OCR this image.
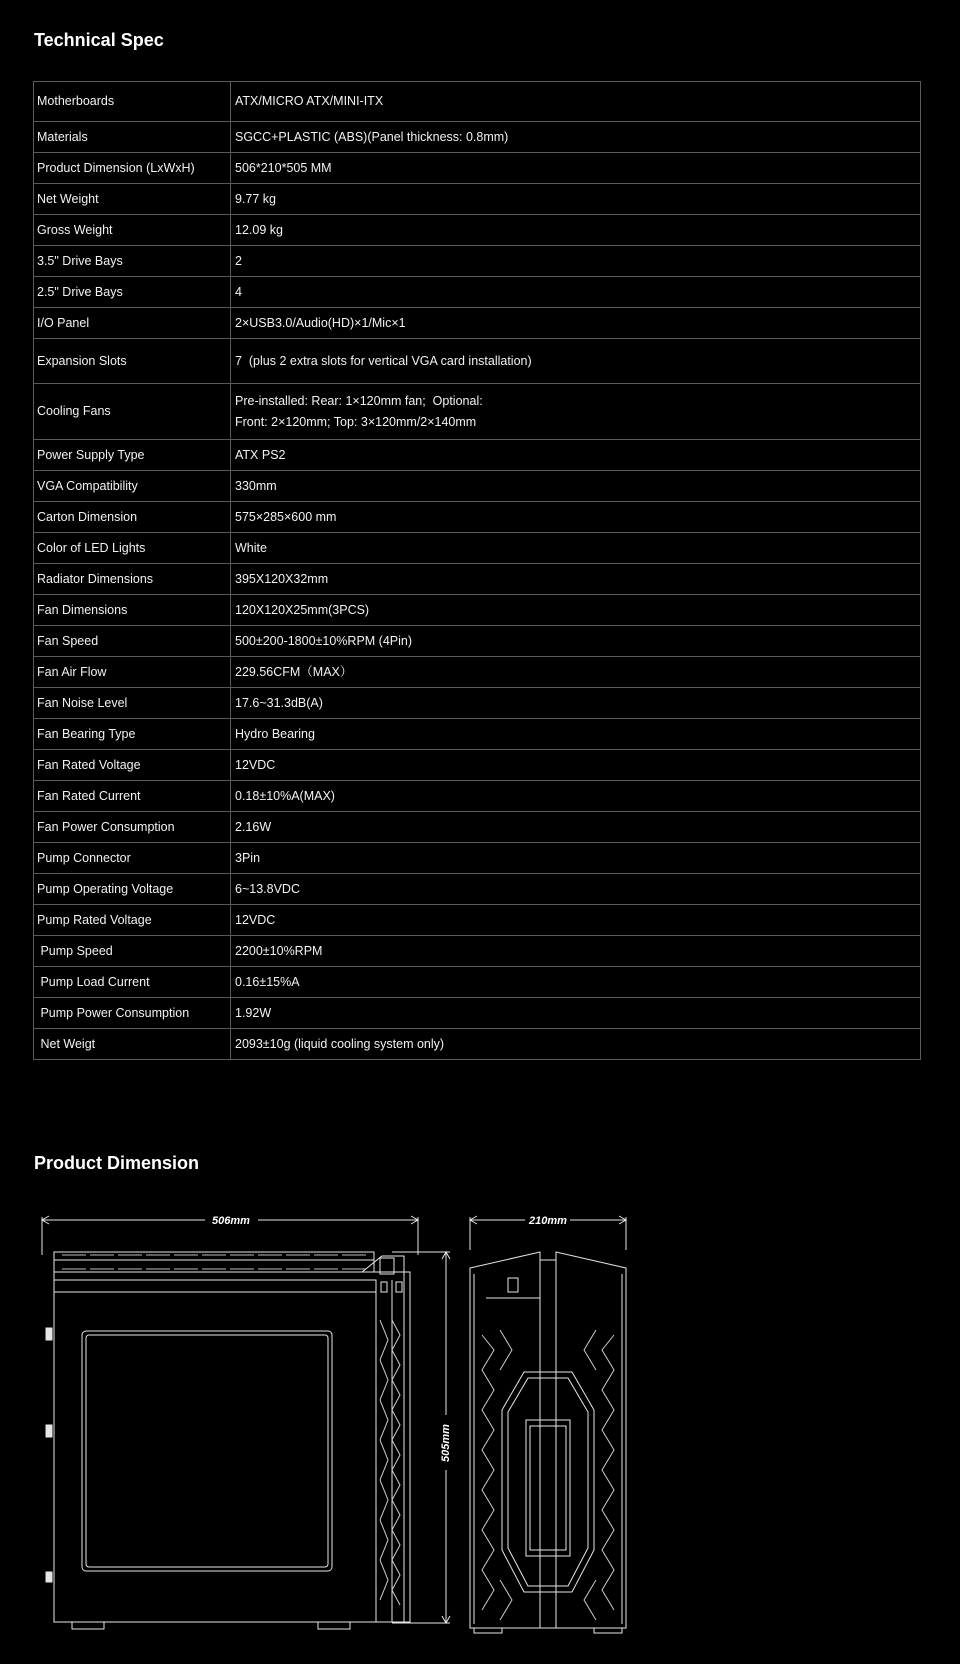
Technical Spec
Motherboards	ATX/MICRO ATX/MINI-ITX
Materials	SGCC+PLASTIC (ABS)(Panel thickness: 0.8mm)
Product Dimension (LxWxH)	506*210*505 MM
Net Weight	9.77 kg
Gross Weight	12.09 kg
3.5" Drive Bays	2
2.5" Drive Bays	4
I/O Panel	2×USB3.0/Audio(HD)×1/Mic×1
Expansion Slots	7  (plus 2 extra slots for vertical VGA card installation)
Cooling Fans	Pre-installed: Rear: 1×120mm fan;  Optional:
Front: 2×120mm; Top: 3×120mm/2×140mm

Power Supply Type	ATX PS2
VGA Compatibility	330mm
Carton Dimension	575×285×600 mm
Color of LED Lights	White
Radiator Dimensions	395X120X32mm
Fan Dimensions	120X120X25mm(3PCS)
Fan Speed	500±200-1800±10%RPM (4Pin)
Fan Air Flow	229.56CFM（MAX）
Fan Noise Level	17.6~31.3dB(A)
Fan Bearing Type	Hydro Bearing
Fan Rated Voltage	12VDC
Fan Rated Current	0.18±10%A(MAX)
Fan Power Consumption	2.16W
Pump Connector	3Pin
Pump Operating Voltage	6~13.8VDC
Pump Rated Voltage	12VDC
Pump Speed	2200±10%RPM
Pump Load Current	0.16±15%A
Pump Power Consumption	1.92W
Net Weigt	2093±10g (liquid cooling system only)
Product Dimension
506mm	210mm
505mm
